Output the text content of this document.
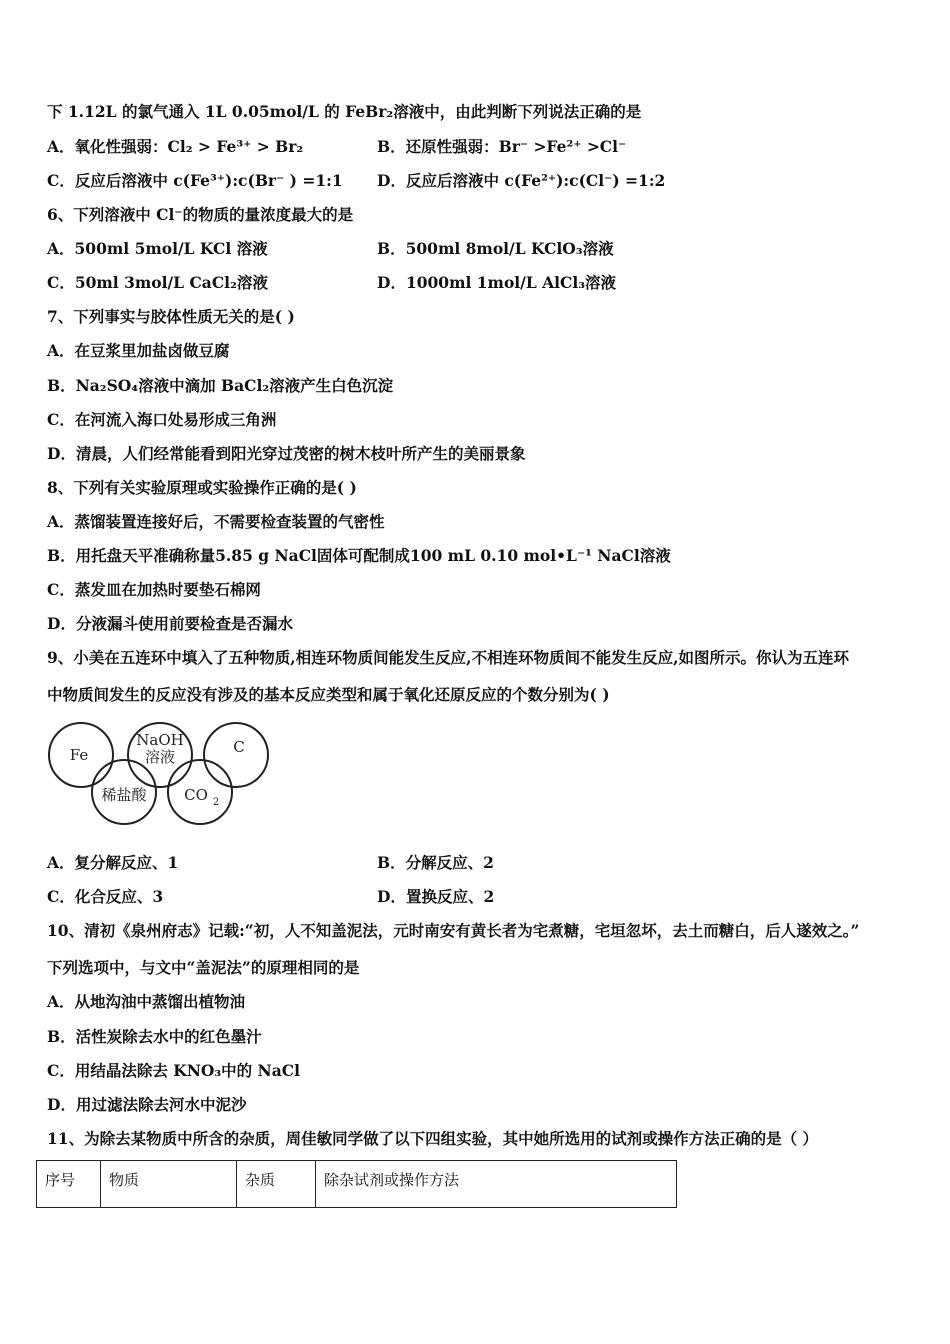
下 1.12L 的氯气通入 1L 0.05mol/L 的 FeBr₂溶液中，由此判断下列说法正确的是
A．氧化性强弱：Cl₂ > Fe³⁺ > Br₂	B．还原性强弱：Br⁻ >Fe²⁺ >Cl⁻
C．反应后溶液中 c(Fe³⁺):c(Br⁻ ) =1:1 D．反应后溶液中 c(Fe²⁺):c(Cl⁻) =1:2
6、下列溶液中 Cl⁻的物质的量浓度最大的是
A．500ml 5mol/L KCl 溶液	B．500ml 8mol/L KClO₃溶液
C．50ml 3mol/L CaCl₂溶液	D．1000ml 1mol/L AlCl₃溶液
7、下列事实与胶体性质无关的是( )
A．在豆浆里加盐卤做豆腐
B．Na₂SO₄溶液中滴加 BaCl₂溶液产生白色沉淀
C．在河流入海口处易形成三角洲
D．清晨，人们经常能看到阳光穿过茂密的树木枝叶所产生的美丽景象
8、下列有关实验原理或实验操作正确的是( )
A．蒸馏装置连接好后，不需要检查装置的气密性
B．用托盘天平准确称量5.85 g NaCl固体可配制成100 mL 0.10 mol•L⁻¹ NaCl溶液
C．蒸发皿在加热时要垫石棉网
D．分液漏斗使用前要检查是否漏水
9、小美在五连环中填入了五种物质,相连环物质间能发生反应,不相连环物质间不能发生反应,如图所示。你认为五连环
中物质间发生的反应没有涉及的基本反应类型和属于氧化还原反应的个数分别为( )
Fe
NaOH
溶液
C
稀盐酸	CO 2
A．复分解反应、1	B．分解反应、2
C．化合反应、3	D．置换反应、2
10、清初《泉州府志》记载:“初，人不知盖泥法，元时南安有黄长者为宅煮糖，宅垣忽坏，去土而糖白，后人遂效之。”
下列选项中，与文中“盖泥法”的原理相同的是
A．从地沟油中蒸馏出植物油
B．活性炭除去水中的红色墨汁
C．用结晶法除去 KNO₃中的 NaCl
D．用过滤法除去河水中泥沙
11、为除去某物质中所含的杂质，周佳敏同学做了以下四组实验，其中她所选用的试剂或操作方法正确的是（ ）
序号	物质	杂质	除杂试剂或操作方法
